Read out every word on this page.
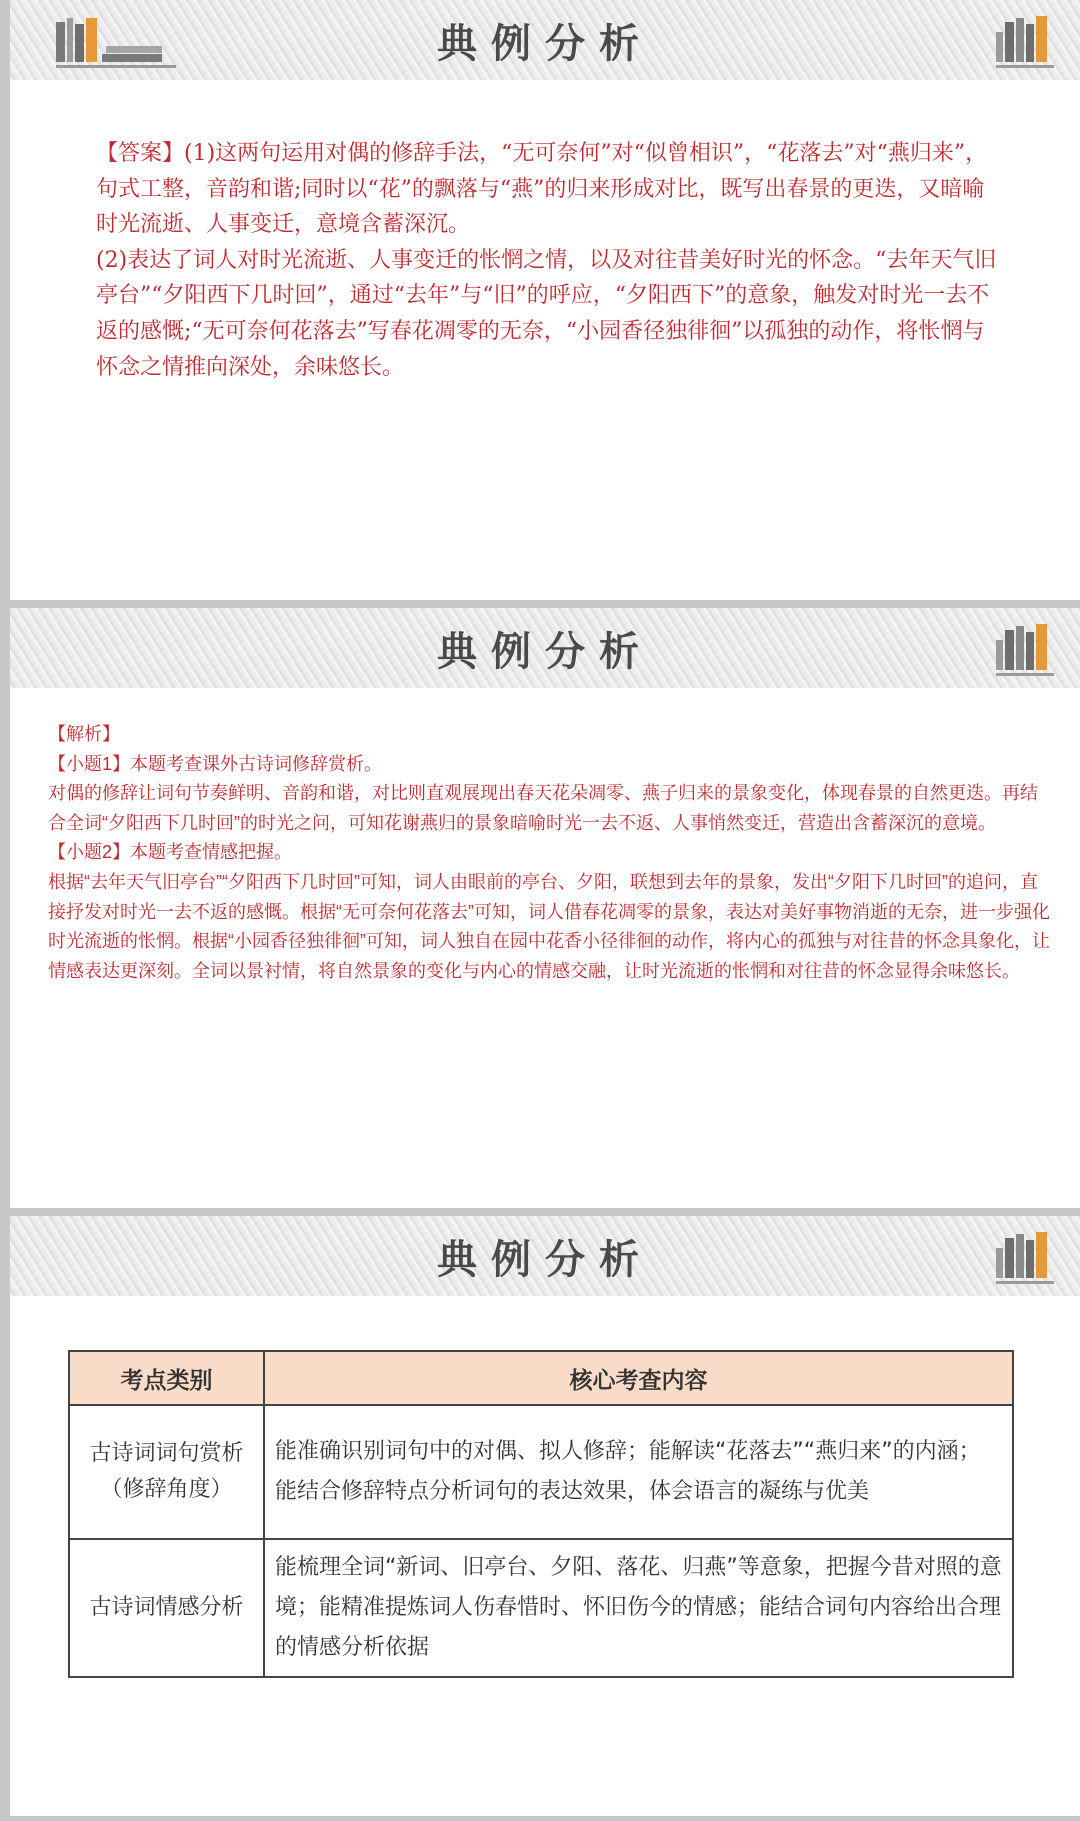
典例分析

【答案】(1)这两句运用对偶的修辞手法，“无可奈何”对“似曾相识”，“花落去”对“燕归来”，句式工整，音韵和谐;同时以“花”的飘落与“燕”的归来形成对比，既写出春景的更迭，又暗喻时光流逝、人事变迁，意境含蓄深沉。

(2)表达了词人对时光流逝、人事变迁的怅惘之情，以及对往昔美好时光的怀念。“去年天气旧亭台”“夕阳西下几时回”，通过“去年”与“旧”的呼应，“夕阳西下”的意象，触发对时光一去不返的感慨;“无可奈何花落去”写春花凋零的无奈，“小园香径独徘徊”以孤独的动作，将怅惘与怀念之情推向深处，余味悠长。

典例分析

【解析】

【小题1】本题考查课外古诗词修辞赏析。

对偶的修辞让词句节奏鲜明、音韵和谐，对比则直观展现出春天花朵凋零、燕子归来的景象变化，体现春景的自然更迭。再结合全词“夕阳西下几时回”的时光之问，可知花谢燕归的景象暗喻时光一去不返、人事悄然变迁，营造出含蓄深沉的意境。

【小题2】本题考查情感把握。

根据“去年天气旧亭台”“夕阳西下几时回”可知，词人由眼前的亭台、夕阳，联想到去年的景象，发出“夕阳下几时回”的追问，直接抒发对时光一去不返的感慨。根据“无可奈何花落去”可知，词人借春花凋零的景象，表达对美好事物消逝的无奈，进一步强化时光流逝的怅惘。根据“小园香径独徘徊”可知，词人独自在园中花香小径徘徊的动作，将内心的孤独与对往昔的怀念具象化，让情感表达更深刻。全词以景衬情，将自然景象的变化与内心的情感交融，让时光流逝的怅惘和对往昔的怀念显得余味悠长。

典例分析
考点类别	核心考查内容

古诗词词句赏析
（修辞角度）	能准确识别词句中的对偶、拟人修辞；能解读“花落去”“燕归来”的内涵；能结合修辞特点分析词句的表达效果，体会语言的凝练与优美

古诗词情感分析	能梳理全词“新词、旧亭台、夕阳、落花、归燕”等意象，把握今昔对照的意境；能精准提炼词人伤春惜时、怀旧伤今的情感；能结合词句内容给出合理的情感分析依据
